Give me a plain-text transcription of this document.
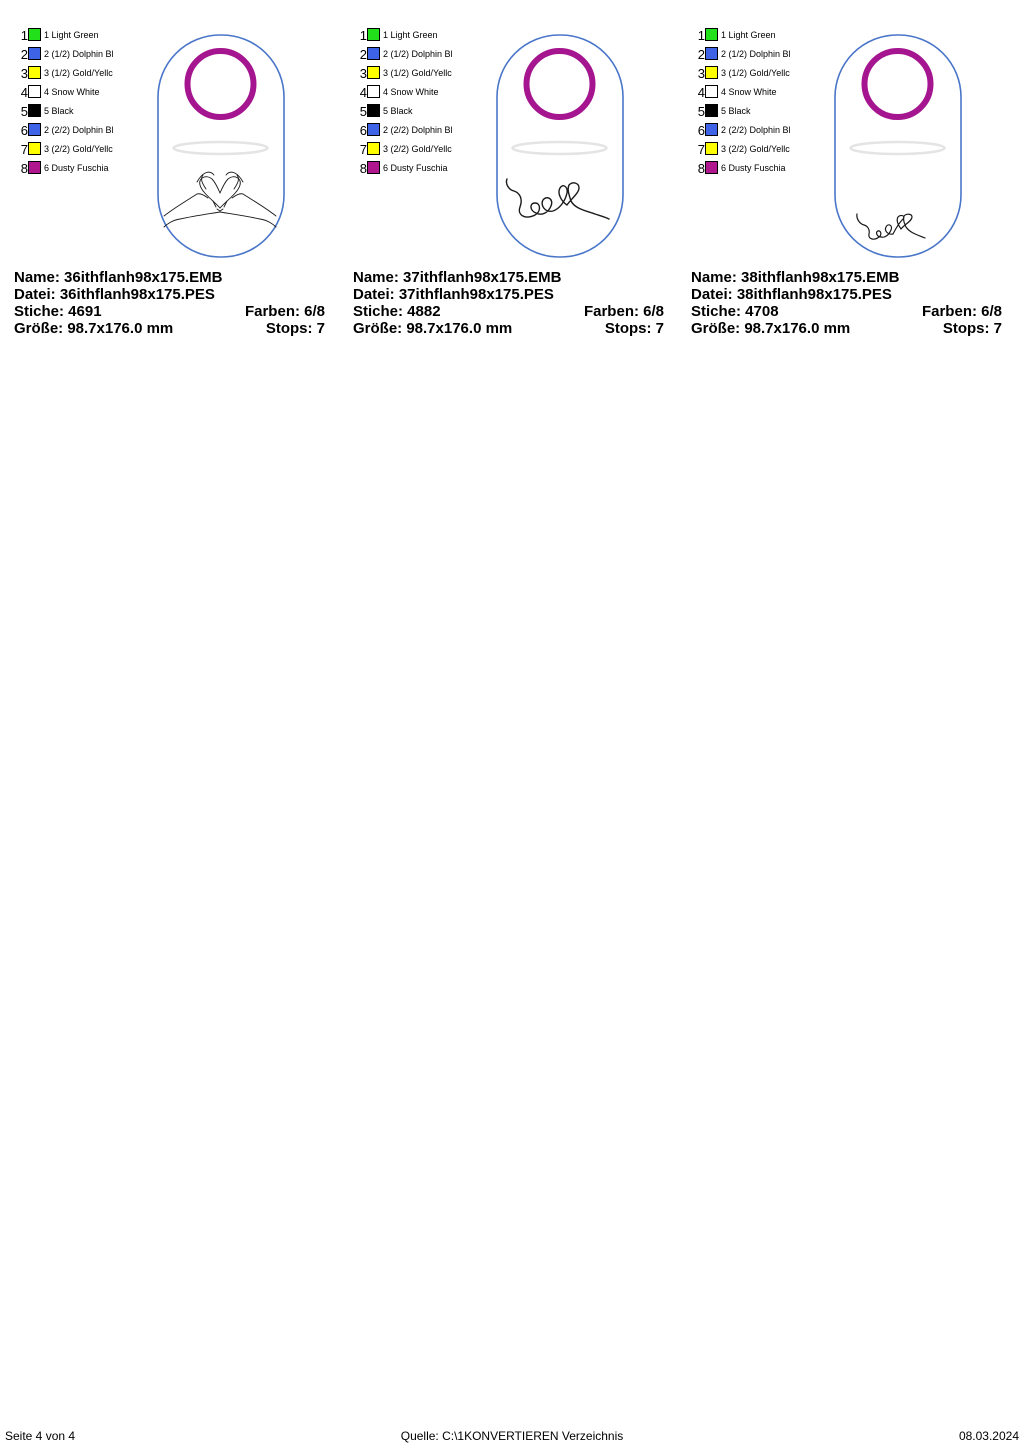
1 1 Light Green
2 2 (1/2) Dolphin Bl
3 3 (1/2) Gold/Yellc
4 4 Snow White
5 5 Black
6 2 (2/2) Dolphin Bl
7 3 (2/2) Gold/Yellc
8 6 Dusty Fuschia
Name: 36ithflanh98x175.EMB
Datei: 36ithflanh98x175.PES
Stiche: 4691	Farben: 6/8
Größe: 98.7x176.0 mm	Stops: 7
1 1 Light Green
2 2 (1/2) Dolphin Bl
3 3 (1/2) Gold/Yellc
4 4 Snow White
5 5 Black
6 2 (2/2) Dolphin Bl
7 3 (2/2) Gold/Yellc
8 6 Dusty Fuschia
Name: 37ithflanh98x175.EMB
Datei: 37ithflanh98x175.PES
Stiche: 4882	Farben: 6/8
Größe: 98.7x176.0 mm	Stops: 7
1 1 Light Green
2 2 (1/2) Dolphin Bl
3 3 (1/2) Gold/Yellc
4 4 Snow White
5 5 Black
6 2 (2/2) Dolphin Bl
7 3 (2/2) Gold/Yellc
8 6 Dusty Fuschia
Name: 38ithflanh98x175.EMB
Datei: 38ithflanh98x175.PES
Stiche: 4708	Farben: 6/8
Größe: 98.7x176.0 mm	Stops: 7
Seite 4 von 4	Quelle: C:\1KONVERTIEREN Verzeichnis	08.03.2024
